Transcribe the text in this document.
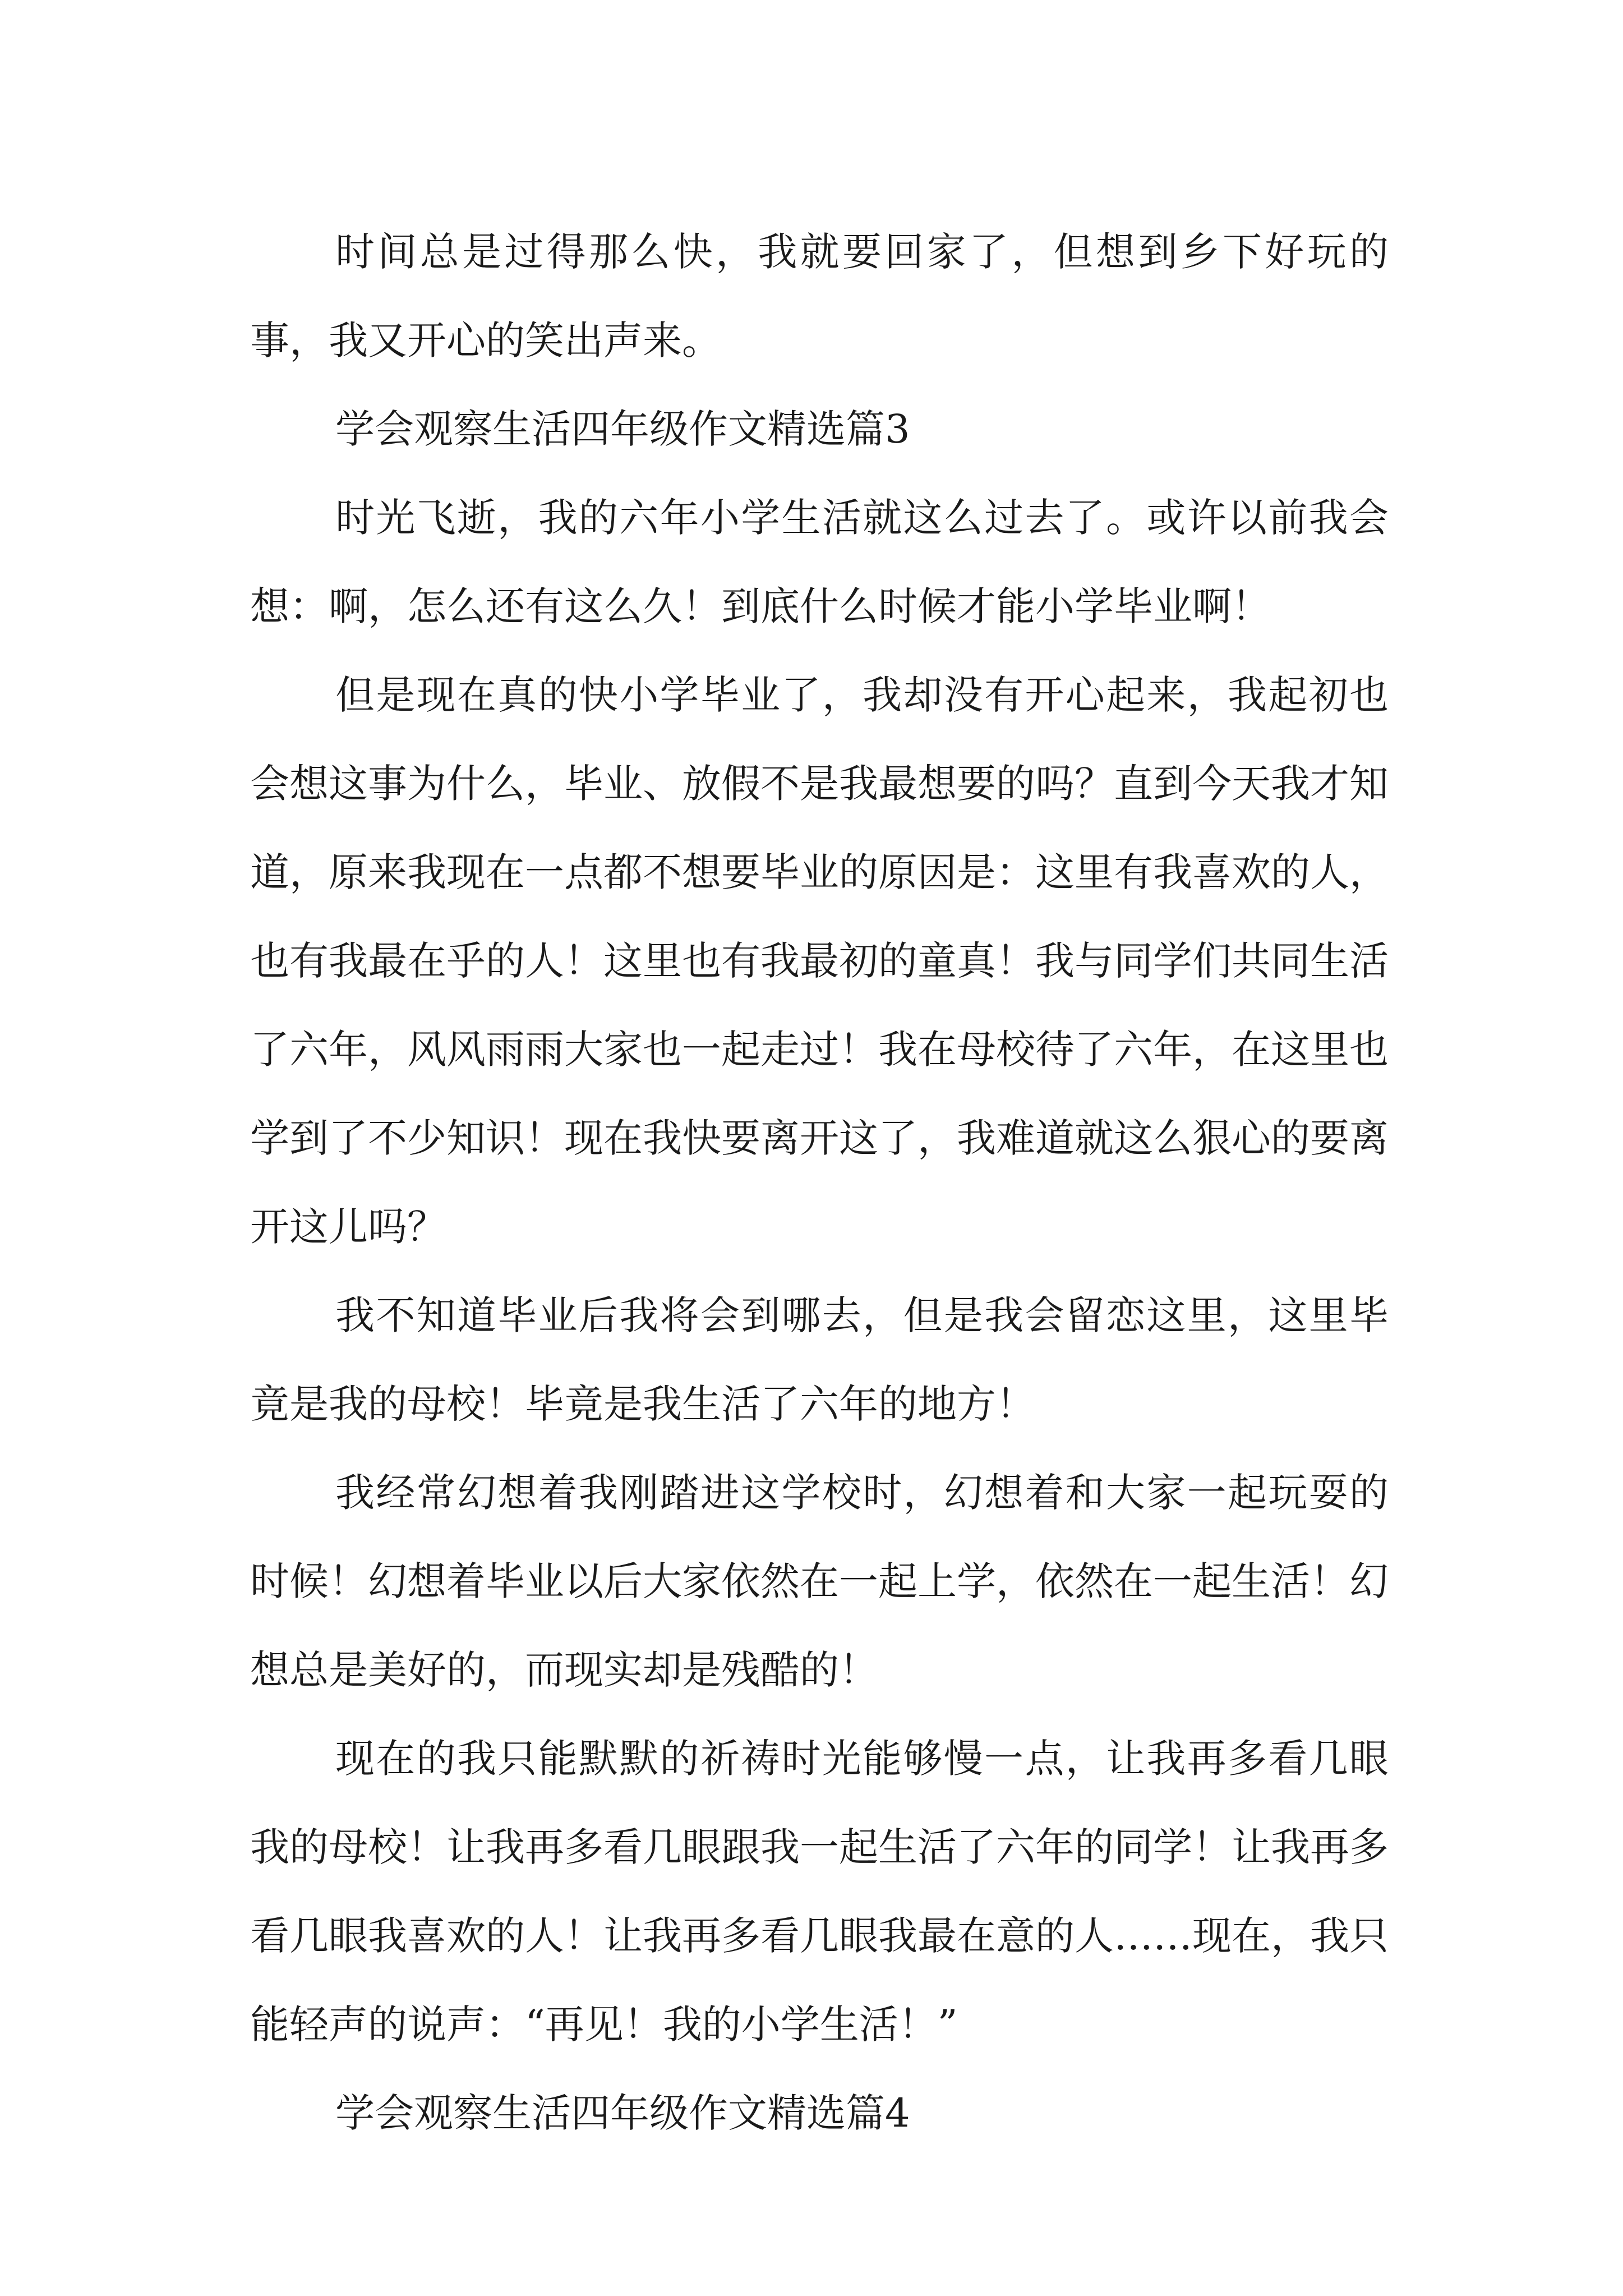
时间总是过得那么快，我就要回家了，但想到乡下好玩的事，我又开心的笑出声来。

学会观察生活四年级作文精选篇3

时光飞逝，我的六年小学生活就这么过去了。或许以前我会想：啊，怎么还有这么久！到底什么时候才能小学毕业啊！

但是现在真的快小学毕业了，我却没有开心起来，我起初也会想这事为什么，毕业、放假不是我最想要的吗？直到今天我才知道，原来我现在一点都不想要毕业的原因是：这里有我喜欢的人，也有我最在乎的人！这里也有我最初的童真！我与同学们共同生活了六年，风风雨雨大家也一起走过！我在母校待了六年，在这里也学到了不少知识！现在我快要离开这了，我难道就这么狠心的要离开这儿吗？

我不知道毕业后我将会到哪去，但是我会留恋这里，这里毕竟是我的母校！毕竟是我生活了六年的地方！

我经常幻想着我刚踏进这学校时，幻想着和大家一起玩耍的时候！幻想着毕业以后大家依然在一起上学，依然在一起生活！幻想总是美好的，而现实却是残酷的！

现在的我只能默默的祈祷时光能够慢一点，让我再多看几眼我的母校！让我再多看几眼跟我一起生活了六年的同学！让我再多看几眼我喜欢的人！让我再多看几眼我最在意的人……现在，我只能轻声的说声：“再见！我的小学生活！”

学会观察生活四年级作文精选篇4
